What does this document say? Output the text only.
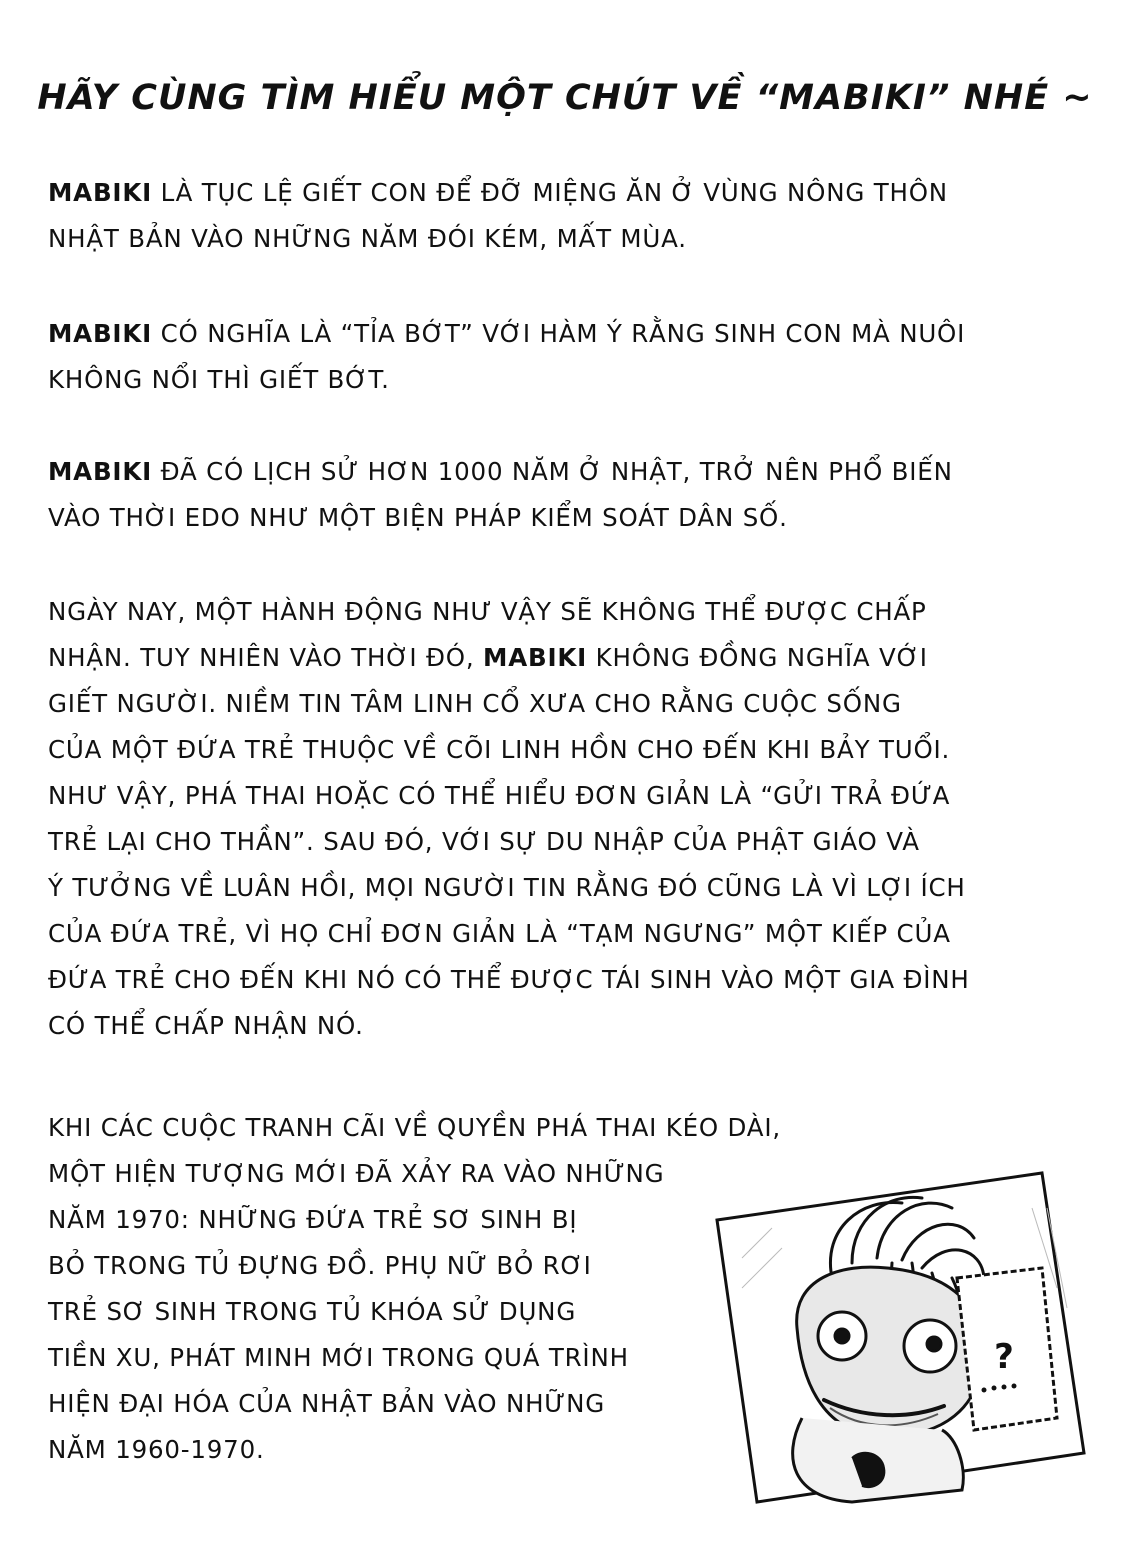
HÃY CÙNG TÌM HIỂU MỘT CHÚT VỀ “MABIKI” NHÉ ~

MABIKI LÀ TỤC LỆ GIẾT CON ĐỂ ĐỠ MIỆNG ĂN Ở VÙNG NÔNG THÔN
NHẬT BẢN VÀO NHỮNG NĂM ĐÓI KÉM, MẤT MÙA.

MABIKI CÓ NGHĨA LÀ “TỈA BỚT” VỚI HÀM Ý RẰNG SINH CON MÀ NUÔI
KHÔNG NỔI THÌ GIẾT BỚT.

MABIKI ĐÃ CÓ LỊCH SỬ HƠN 1000 NĂM Ở NHẬT, TRỞ NÊN PHỔ BIẾN
VÀO THỜI EDO NHƯ MỘT BIỆN PHÁP KIỂM SOÁT DÂN SỐ.

NGÀY NAY, MỘT HÀNH ĐỘNG NHƯ VẬY SẼ KHÔNG THỂ ĐƯỢC CHẤP
NHẬN. TUY NHIÊN VÀO THỜI ĐÓ, MABIKI KHÔNG ĐỒNG NGHĨA VỚI
GIẾT NGƯỜI. NIỀM TIN TÂM LINH CỔ XƯA CHO RẰNG CUỘC SỐNG
CỦA MỘT ĐỨA TRẺ THUỘC VỀ CÕI LINH HỒN CHO ĐẾN KHI BẢY TUỔI.
NHƯ VẬY, PHÁ THAI HOẶC CÓ THỂ HIỂU ĐƠN GIẢN LÀ “GỬI TRẢ ĐỨA
TRẺ LẠI CHO THẦN”. SAU ĐÓ, VỚI SỰ DU NHẬP CỦA PHẬT GIÁO VÀ
Ý TƯỞNG VỀ LUÂN HỒI, MỌI NGƯỜI TIN RẰNG ĐÓ CŨNG LÀ VÌ LỢI ÍCH
CỦA ĐỨA TRẺ, VÌ HỌ CHỈ ĐƠN GIẢN LÀ “TẠM NGƯNG” MỘT KIẾP CỦA
ĐỨA TRẺ CHO ĐẾN KHI NÓ CÓ THỂ ĐƯỢC TÁI SINH VÀO MỘT GIA ĐÌNH
CÓ THỂ CHẤP NHẬN NÓ.

KHI CÁC CUỘC TRANH CÃI VỀ QUYỀN PHÁ THAI KÉO DÀI,
MỘT HIỆN TƯỢNG MỚI ĐÃ XẢY RA VÀO NHỮNG
NĂM 1970: NHỮNG ĐỨA TRẺ SƠ SINH BỊ
BỎ TRONG TỦ ĐỰNG ĐỒ. PHỤ NỮ BỎ RƠI
TRẺ SƠ SINH TRONG TỦ KHÓA SỬ DỤNG
TIỀN XU, PHÁT MINH MỚI TRONG QUÁ TRÌNH
HIỆN ĐẠI HÓA CỦA NHẬT BẢN VÀO NHỮNG
NĂM 1960-1970.

?
